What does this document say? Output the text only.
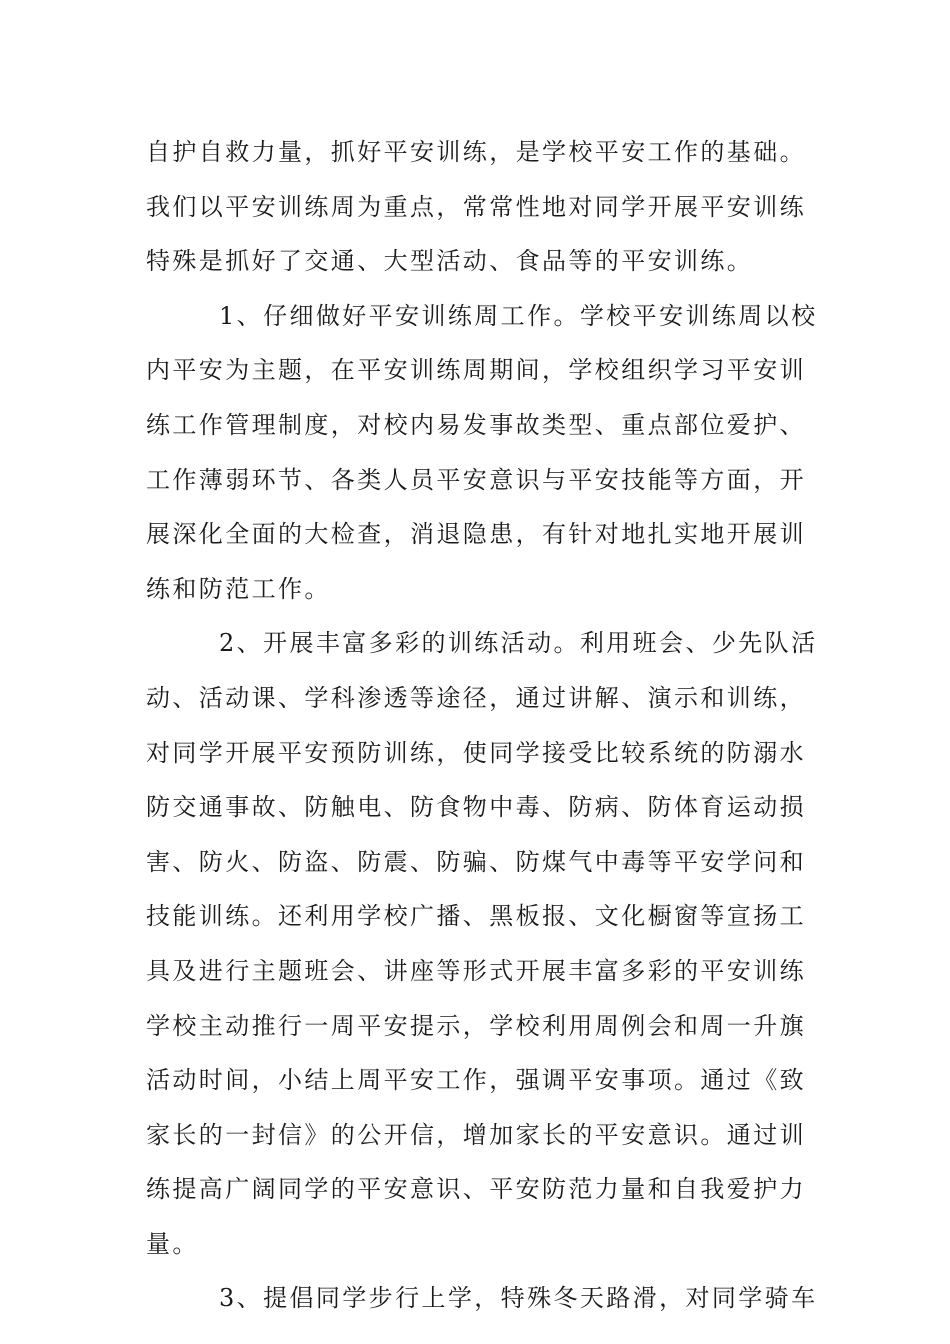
自护自救力量，抓好平安训练，是学校平安工作的基础。
我们以平安训练周为重点，常常性地对同学开展平安训练
特殊是抓好了交通、大型活动、食品等的平安训练。
1、仔细做好平安训练周工作。学校平安训练周以校
内平安为主题，在平安训练周期间，学校组织学习平安训
练工作管理制度，对校内易发事故类型、重点部位爱护、
工作薄弱环节、各类人员平安意识与平安技能等方面，开
展深化全面的大检查，消退隐患，有针对地扎实地开展训
练和防范工作。
2、开展丰富多彩的训练活动。利用班会、少先队活
动、活动课、学科渗透等途径，通过讲解、演示和训练，
对同学开展平安预防训练，使同学接受比较系统的防溺水
防交通事故、防触电、防食物中毒、防病、防体育运动损
害、防火、防盗、防震、防骗、防煤气中毒等平安学问和
技能训练。还利用学校广播、黑板报、文化橱窗等宣扬工
具及进行主题班会、讲座等形式开展丰富多彩的平安训练
学校主动推行一周平安提示，学校利用周例会和周一升旗
活动时间，小结上周平安工作，强调平安事项。通过《致
家长的一封信》的公开信，增加家长的平安意识。通过训
练提高广阔同学的平安意识、平安防范力量和自我爱护力
量。
3、提倡同学步行上学，特殊冬天路滑，对同学骑车
